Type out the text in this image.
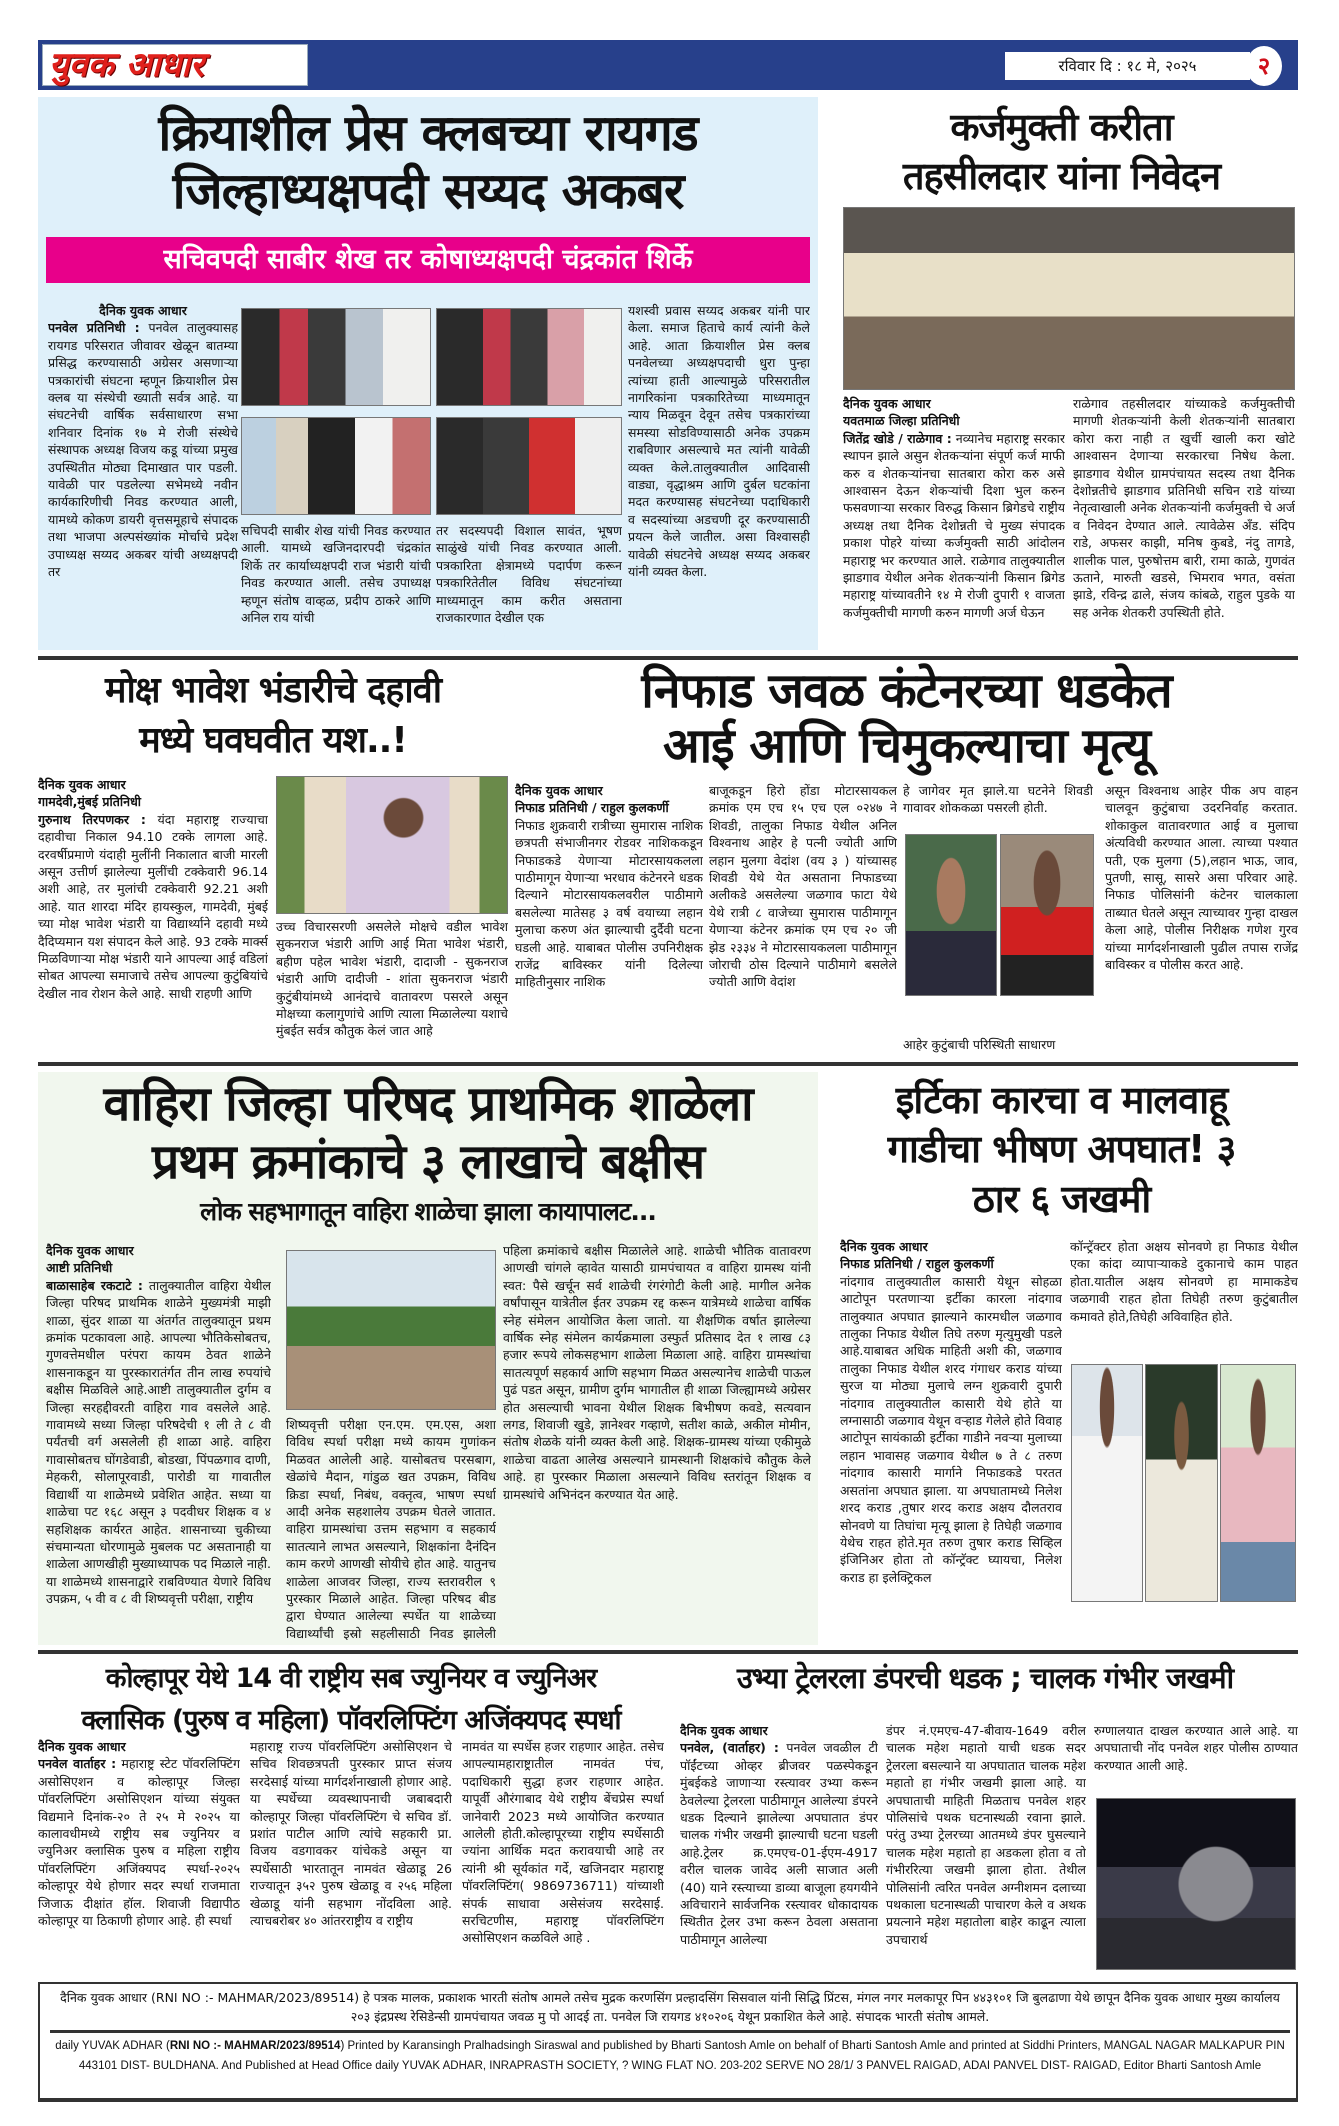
युवक आधार	रविवार दि : १८ मे, २०२५	२
क्रियाशील प्रेस क्लबच्या रायगड
जिल्हाध्यक्षपदी सय्यद अकबर
सचिवपदी साबीर शेख तर कोषाध्यक्षपदी चंद्रकांत शिर्के
दैनिक युवक आधार
पनवेल प्रतिनिधी : पनवेल तालुक्यासह रायगड परिसरात जीवावर खेळून बातम्या प्रसिद्ध करण्यासाठी अग्रेसर असणाऱ्या पत्रकारांची संघटना म्हणून क्रियाशील प्रेस क्लब या संस्थेची ख्याती सर्वत्र आहे. या संघटनेची वार्षिक सर्वसाधारण सभा शनिवार दिनांक १७ मे रोजी संस्थेचे संस्थापक अध्यक्ष विजय कडू यांच्या प्रमुख उपस्थितीत मोठ्या दिमाखात पार पडली. यावेळी पार पडलेल्या सभेमध्ये नवीन कार्यकारिणीची निवड करण्यात आली, यामध्ये कोकण डायरी वृत्तसमूहाचे संपादक तथा भाजपा अल्पसंख्यांक मोर्चाचे प्रदेश उपाध्यक्ष सय्यद अकबर यांची अध्यक्षपदी तर
सचिपदी साबीर शेख यांची निवड करण्यात आली. यामध्ये खजिनदारपदी चंद्रकांत शिर्के तर कार्याध्यक्षपदी राज भंडारी यांची निवड करण्यात आली. तसेच उपाध्यक्ष म्हणून संतोष वाव्हळ, प्रदीप ठाकरे आणि अनिल राय यांची
तर सदस्यपदी विशाल सावंत, भूषण साळुंखे यांची निवड करण्यात आली. पत्रकारिता क्षेत्रामध्ये पदार्पण करून पत्रकारितेतील विविध संघटनांच्या माध्यमातून काम करीत असताना राजकारणात देखील एक
यशस्वी प्रवास सय्यद अकबर यांनी पार केला. समाज हिताचे कार्य त्यांनी केले आहे. आता क्रियाशील प्रेस क्लब पनवेलच्या अध्यक्षपदाची धुरा पुन्हा त्यांच्या हाती आल्यामुळे परिसरातील नागरिकांना पत्रकारितेच्या माध्यमातून न्याय मिळवून देवून तसेच पत्रकारांच्या समस्या सोडविण्यासाठी अनेक उपक्रम राबविणार असल्याचे मत त्यांनी यावेळी व्यक्त केले.तालुक्यातील आदिवासी वाड्या, वृद्धाश्रम आणि दुर्बल घटकांना मदत करण्यासह संघटनेच्या पदाधिकारी व सदस्यांच्या अडचणी दूर करण्यासाठी प्रयत्न केले जातील. असा विश्वासही यावेळी संघटनेचे अध्यक्ष सय्यद अकबर यांनी व्यक्त केला.
कर्जमुक्ती करीता
तहसीलदार यांना निवेदन
दैनिक युवक आधार
यवतमाळ जिल्हा प्रतिनिधी
जितेंद्र खोडे / राळेगाव : नव्यानेच महाराष्ट्र सरकार स्थापन झाले असुन शेतकऱ्यांना संपूर्ण कर्ज माफी करु व शेतकऱ्यांनचा सातबारा कोरा करु असे आश्वासन देऊन शेकऱ्यांची दिशा भुल करुन फसवणाऱ्या सरकार विरुद्ध किसान ब्रिगेडचे राष्ट्रीय अध्यक्ष तथा दैनिक देशोन्नती चे मुख्य संपादक प्रकाश पोहरे यांच्या कर्जमुक्ती साठी आंदोलन महाराष्ट्र भर करण्यात आले. राळेगाव तालुक्यातील झाडगाव येथील अनेक शेतकऱ्यांनी किसान ब्रिगेड महाराष्ट्र यांच्यावतीने १४ मे रोजी दुपारी १ वाजता कर्जमुक्तीची मागणी करुन मागणी अर्ज घेऊन
राळेगाव तहसीलदार यांच्याकडे कर्जमुक्तीची मागणी शेतकऱ्यांनी केली शेतकऱ्यांनी सातबारा कोरा करा नाही त खुर्ची खाली करा खोटे आश्वासन देणाऱ्या सरकारचा निषेध केला. झाडगाव येथील ग्रामपंचायत सदस्य तथा दैनिक देशोन्नतीचे झाडगाव प्रतिनिधी सचिन राडे यांच्या नेतृत्वाखाली अनेक शेतकऱ्यांनी कर्जमुक्ती चे अर्ज व निवेदन देण्यात आले. त्यावेळेस अँड. संदिप राडे, अफसर काझी, मनिष कुबडे, नंदु तागडे, शालीक पाल, पुरुषोत्तम बारी, रामा काळे, गुणवंत ऊताने, मारुती खडसे, भिमराव भगत, वसंता झाडे, रविन्द्र ढाले, संजय कांबळे, राहुल पुडके या सह अनेक शेतकरी उपस्थिती होते.
मोक्ष भावेश भंडारीचे दहावी
मध्ये घवघवीत यश..!
दैनिक युवक आधार
गामदेवी,मुंबई प्रतिनिधी
गुरुनाथ तिरपणकर : यंदा महाराष्ट्र राज्याचा दहावीचा निकाल 94.10 टक्के लागला आहे. दरवर्षीप्रमाणे यंदाही मुलींनी निकालात बाजी मारली असून उत्तीर्ण झालेल्या मुलींची टक्केवारी 96.14 अशी आहे, तर मुलांची टक्केवारी 92.21 अशी आहे. यात शारदा मंदिर हायस्कुल, गामदेवी, मुंबई च्या मोक्ष भावेश भंडारी या विद्यार्थ्याने दहावी मध्ये दैदिप्यमान यश संपादन केले आहे. 93 टक्के मार्क्स मिळविणाऱ्या मोक्ष भंडारी याने आपल्या आई वडिलां सोबत आपल्या समाजाचे तसेच आपल्या कुटुंबियांचे देखील नाव रोशन केले आहे. साधी राहणी आणि
उच्च विचारसरणी असलेले मोक्षचे वडील भावेश सुकनराज भंडारी आणि आई मिता भावेश भंडारी, बहीण पहेल भावेश भंडारी, दादाजी - सुकनराज भंडारी आणि दादीजी - शांता सुकनराज भंडारी कुटुंबीयांमध्ये आनंदाचे वातावरण पसरले असून मोक्षच्या कलागुणांचे आणि त्याला मिळालेल्या यशाचे मुंबईत सर्वत्र कौतुक केलं जात आहे
निफाड जवळ कंटेनरच्या धडकेत
आई आणि चिमुकल्याचा मृत्यू
दैनिक युवक आधार
निफाड प्रतिनिधी / राहुल कुलकर्णी
निफाड शुक्रवारी रात्रीच्या सुमारास नाशिक छत्रपती संभाजीनगर रोडवर नाशिककडून निफाडकडे येणाऱ्या मोटारसायकलला पाठीमागून येणाऱ्या भरधाव कंटेनरने धडक दिल्याने मोटारसायकलवरील पाठीमागे बसलेल्या मातेसह ३ वर्ष वयाच्या लहान मुलाचा करुण अंत झाल्याची दुर्दैवी घटना घडली आहे. याबाबत पोलीस उपनिरीक्षक राजेंद्र बाविस्कर यांनी दिलेल्या माहितीनुसार नाशिक
बाजूकडून हिरो होंडा मोटारसायकल क्रमांक एम एच १५ एच एल ०२४७ ने शिवडी, तालुका निफाड येथील अनिल विश्वनाथ आहेर हे पत्नी ज्योती आणि लहान मुलगा वेदांश (वय ३ ) यांच्यासह शिवडी येथे येत असताना निफाडच्या अलीकडे असलेल्या जळगाव फाटा येथे येथे रात्री ८ वाजेच्या सुमारास पाठीमागून येणाऱ्या कंटेनर क्रमांक एम एच २० जी झेड २३३४ ने मोटारसायकलला पाठीमागून जोराची ठोस दिल्याने पाठीमागे बसलेले ज्योती आणि वेदांश
हे जागेवर मृत झाले.या घटनेने शिवडी गावावर शोककळा पसरली होती.
आहेर कुटुंबाची परिस्थिती साधारण
असून विश्वनाथ आहेर पीक अप वाहन चालवून कुटुंबाचा उदरनिर्वाह करतात. शोकाकुल वातावरणात आई व मुलाचा अंत्यविधी करण्यात आला. त्याच्या पश्यात पती, एक मुलगा (5),लहान भाऊ, जाव, पुतणी, सासू, सासरे असा परिवार आहे. निफाड पोलिसांनी कंटेनर चालकाला ताब्यात घेतले असून त्याच्यावर गुन्हा दाखल केला आहे, पोलीस निरीक्षक गणेश गुरव यांच्या मार्गदर्शनाखाली पुढील तपास राजेंद्र बाविस्कर व पोलीस करत आहे.
वाहिरा जिल्हा परिषद प्राथमिक शाळेला
प्रथम क्रमांकाचे ३ लाखाचे बक्षीस
लोक सहभागातून वाहिरा शाळेचा झाला कायापालट...
दैनिक युवक आधार
आष्टी प्रतिनिधी
बाळासाहेब रकटाटे : तालुक्यातील वाहिरा येथील जिल्हा परिषद प्राथमिक शाळेने मुख्यमंत्री माझी शाळा, सुंदर शाळा या अंतर्गत तालुक्यातून प्रथम क्रमांक पटकावला आहे. आपल्या भौतिकेसोबतच, गुणवत्तेमधील परंपरा कायम ठेवत शाळेने शासनाकडून या पुरस्कारातंर्गत तीन लाख रुपयांचे बक्षीस मिळविले आहे.आष्टी तालुक्यातील दुर्गम व जिल्हा सरहद्दीवरती वाहिरा गाव वसलेले आहे. गावामध्ये सध्या जिल्हा परिषदेची १ ली ते ८ वी पर्यंतची वर्ग असलेली ही शाळा आहे. वाहिरा गावासोबतच घोंगडेवाडी, बोडखा, पिंपळगाव दाणी, मेहकरी, सोलापूरवाडी, पारोडी या गावातील विद्यार्थी या शाळेमध्ये प्रवेशित आहेत. सध्या या शाळेचा पट १६८ असून ३ पदवीधर शिक्षक व ४ सहशिक्षक कार्यरत आहेत. शासनाच्या चुकीच्या संचमान्यता धोरणामुळे मुबलक पट असतानाही या शाळेला आणखीही मुख्याध्यापक पद मिळाले नाही. या शाळेमध्ये शासनाद्वारे राबविण्यात येणारे विविध उपक्रम, ५ वी व ८ वी शिष्यवृत्ती परीक्षा, राष्ट्रीय
शिष्यवृत्ती परीक्षा एन.एम. एम.एस, अशा विविध स्पर्धा परीक्षा मध्ये कायम गुणांकन मिळवत आलेली आहे. यासोबतच परसबाग, खेळांचे मैदान, गांडुळ खत उपक्रम, विविध क्रिडा स्पर्धा, निबंध, वक्तृत्व, भाषण स्पर्धा आदी अनेक सहशालेय उपक्रम घेतले जातात. वाहिरा ग्रामस्थांचा उत्तम सहभाग व सहकार्य सातत्याने लाभत असल्याने, शिक्षकांना दैनंदिन काम करणे आणखी सोयीचे होत आहे. यातुनच शाळेला आजवर जिल्हा, राज्य स्तरावरील ९ पुरस्कार मिळाले आहेत. जिल्हा परिषद बीड द्वारा घेण्यात आलेल्या स्पर्धेत या शाळेच्या विद्यार्थ्यांची इस्रो सहलीसाठी निवड झालेली
पहिला क्रमांकाचे बक्षीस मिळालेले आहे. शाळेची भौतिक वातावरण आणखी चांगले व्हावेत यासाठी ग्रामपंचायत व वाहिरा ग्रामस्थ यांनी स्वत: पैसे खर्चून सर्व शाळेची रंगरंगोटी केली आहे. मागील अनेक वर्षांपासून यात्रेतील ईतर उपक्रम रद्द करून यात्रेमध्ये शाळेचा वार्षिक स्नेह संमेलन आयोजित केला जातो. या शैक्षणिक वर्षात झालेल्या वार्षिक स्नेह संमेलन कार्यक्रमाला उस्फुर्त प्रतिसाद देत १ लाख ८३ हजार रूपये लोकसहभाग शाळेला मिळाला आहे. वाहिरा ग्रामस्थांचा सातत्यपूर्ण सहकार्य आणि सहभाग मिळत असल्यानेच शाळेची पाऊल पुढं पडत असून, ग्रामीण दुर्गम भागातील ही शाळा जिल्ह्यामध्ये अग्रेसर होत असल्याची भावना येथील शिक्षक बिभीषण कवडे, सत्यवान लगड, शिवाजी खुडे, ज्ञानेश्वर गव्हाणे, सतीश काळे, अकील मोमीन, संतोष शेळके यांनी व्यक्त केली आहे. शिक्षक-ग्रामस्थ यांच्या एकीमुळे शाळेचा वाढता आलेख असल्याने ग्रामस्थानी शिक्षकांचे कौतुक केले आहे. हा पुरस्कार मिळाला असल्याने विविध स्तरांतून शिक्षक व ग्रामस्थांचे अभिनंदन करण्यात येत आहे.
इर्टिका कारचा व मालवाहू
गाडीचा भीषण अपघात! ३
ठार ६ जखमी
दैनिक युवक आधार
निफाड प्रतिनिधी / राहुल कुलकर्णी
नांदगाव तालुक्यातील कासारी येथून सोहळा आटोपून परतणाऱ्या इर्टीका कारला नांदगाव तालुक्यात अपघात झाल्याने कारमधील जळगाव तालुका निफाड येथील तिघे तरुण मृत्युमुखी पडले आहे.याबाबत अधिक माहिती अशी की, जळगाव तालुका निफाड येथील शरद गंगाधर कराड यांच्या सुरज या मोठ्या मुलाचे लग्न शुक्रवारी दुपारी नांदगाव तालुक्यातील कासारी येथे होते या लग्नासाठी जळगाव येथून वऱ्हाड गेलेले होते विवाह आटोपून सायंकाळी इर्टीका गाडीने नवऱ्या मुलाच्या लहान भावासह जळगाव येथील ७ ते ८ तरुण नांदगाव कासारी मार्गाने निफाडकडे परतत असतांना अपघात झाला. या अपघातामध्ये निलेश शरद कराड ,तुषार शरद कराड अक्षय दौलतराव सोनवणे या तिघांचा मृत्यू झाला हे तिघेही जळगाव येथेच राहत होते.मृत तरुण तुषार कराड सिव्हिल इंजिनिअर होता तो कॉन्ट्रॅक्ट घ्यायचा, निलेश कराड हा इलेक्ट्रिकल
कॉन्ट्रॅक्टर होता अक्षय सोनवणे हा निफाड येथील एका कांदा व्यापाऱ्याकडे दुकानाचे काम पाहत होता.यातील अक्षय सोनवणे हा मामाकडेच जळगावी राहत होता तिघेही तरुण कुटुंबातील कमावते होते,तिघेही अविवाहित होते.
कोल्हापूर येथे 14 वी राष्ट्रीय सब ज्युनियर व ज्युनिअर
क्लासिक (पुरुष व महिला) पॉवरलिफ्टिंग अजिंक्यपद स्पर्धा
दैनिक युवक आधार
पनवेल वार्ताहर : महाराष्ट्र स्टेट पॉवरलिफ्टिंग असोसिएशन व कोल्हापूर जिल्हा पॉवरलिफ्टिंग असोसिएशन यांच्या संयुक्त विद्यमाने दिनांक-२० ते २५ मे २०२५ या कालावधीमध्ये राष्ट्रीय सब ज्युनियर व ज्युनिअर क्लासिक पुरुष व महिला राष्ट्रीय पॉवरलिफ्टिंग अजिंक्यपद स्पर्धा-२०२५ कोल्हापूर येथे होणार सदर स्पर्धा राजमाता जिजाऊ दीक्षांत हॉल. शिवाजी विद्यापीठ कोल्हापूर या ठिकाणी होणार आहे. ही स्पर्धा
महाराष्ट्र राज्य पॉवरलिफ्टिंग असोसिएशन चे सचिव शिवछत्रपती पुरस्कार प्राप्त संजय सरदेसाई यांच्या मार्गदर्शनाखाली होणार आहे. या स्पर्धेच्या व्यवस्थापनाची जबाबदारी कोल्हापूर जिल्हा पॉवरलिफ्टिंग चे सचिव डॉ. प्रशांत पाटील आणि त्यांचे सहकारी प्रा. विजय वडगावकर यांचेकडे असून या स्पर्धेसाठी भारतातून नामवंत खेळाडू 26 राज्यातून ३५२ पुरुष खेळाडू व २५६ महिला खेळाडू यांनी सहभाग नोंदविला आहे. त्याचबरोबर ४० आंतरराष्ट्रीय व राष्ट्रीय
नामवंत या स्पर्धेस हजर राहणार आहेत. तसेच आपल्यामहाराष्ट्रातील नामवंत पंच, पदाधिकारी सुद्धा हजर राहणार आहेत. यापूर्वी औरंगाबाद येथे राष्ट्रीय बेंचप्रेस स्पर्धा जानेवारी 2023 मध्ये आयोजित करण्यात आलेली होती.कोल्हापूरच्या राष्ट्रीय स्पर्धेसाठी ज्यांना आर्थिक मदत करावयाची आहे तर त्यांनी श्री सूर्यकांत गर्दे, खजिनदार महाराष्ट्र पॉवरलिफ्टिंग( 9869736711) यांच्याशी संपर्क साधावा असेसंजय सरदेसाई. सरचिटणीस, महाराष्ट्र पॉवरलिफ्टिंग असोसिएशन कळविले आहे .
उभ्या ट्रेलरला डंपरची धडक ; चालक गंभीर जखमी
दैनिक युवक आधार
पनवेल, (वार्ताहर) : पनवेल जवळील टी पॉईंटच्या ओव्हर ब्रीजवर पळस्पेकडून मुंबईकडे जाणाऱ्या रस्त्यावर उभ्या करून ठेवलेल्या ट्रेलरला पाठीमागून आलेल्या डंपरने धडक दिल्याने झालेल्या अपघातात डंपर चालक गंभीर जखमी झाल्याची घटना घडली आहे.ट्रेलर क्र.एमएच-01-ईएम-4917 वरील चालक जावेद अली साजात अली (40) याने रस्त्याच्या डाव्या बाजूला हयगयीने अविचाराने सार्वजनिक रस्त्यावर धोकादायक स्थितीत ट्रेलर उभा करून ठेवला असताना पाठीमागून आलेल्या
डंपर नं.एमएच-47-बीवाय-1649 वरील चालक महेश महातो याची धडक सदर ट्रेलरला बसल्याने या अपघातात चालक महेश महातो हा गंभीर जखमी झाला आहे. या अपघाताची माहिती मिळताच पनवेल शहर पोलिसांचे पथक घटनास्थळी रवाना झाले. परंतु उभ्या ट्रेलरच्या आतमध्ये डंपर घुसल्याने चालक महेश महातो हा अडकला होता व तो गंभीररित्या जखमी झाला होता. तेथील पोलिसांनी त्वरित पनवेल अग्नीशमन दलाच्या पथकाला घटनास्थळी पाचारण केले व अथक प्रयत्नाने महेश महातोला बाहेर काढून त्याला उपचारार्थ
रुग्णालयात दाखल करण्यात आले आहे. या अपघाताची नोंद पनवेल शहर पोलीस ठाण्यात करण्यात आली आहे.
दैनिक युवक आधार (RNI NO :- MAHMAR/2023/89514) हे पत्रक मालक, प्रकाशक भारती संतोष आमले तसेच मुद्रक करणसिंग प्रल्हादसिंग सिसवाल यांनी सिद्धि प्रिंटस, मंगल नगर मलकापूर पिन ४४३१०१ जि बुलढाणा येथे छापून दैनिक युवक आधार मुख्य कार्यालय २०३ इंद्रप्रस्थ रेसिडेन्सी ग्रामपंचायत जवळ मु पो आदई ता. पनवेल जि रायगड ४१०२०६ येथून प्रकाशित केले आहे. संपादक भारती संतोष आमले.
daily YUVAK ADHAR (RNI NO :- MAHMAR/2023/89514) Printed by Karansingh Pralhadsingh Siraswal and published by Bharti Santosh Amle on behalf of Bharti Santosh Amle and printed at Siddhi Printers, MANGAL NAGAR MALKAPUR PIN 443101 DIST- BULDHANA. And Published at Head Office daily YUVAK ADHAR, INRAPRASTH SOCIETY, ? WING FLAT NO. 203-202 SERVE NO 28/1/ 3 PANVEL RAIGAD, ADAI PANVEL DIST- RAIGAD, Editor Bharti Santosh Amle
